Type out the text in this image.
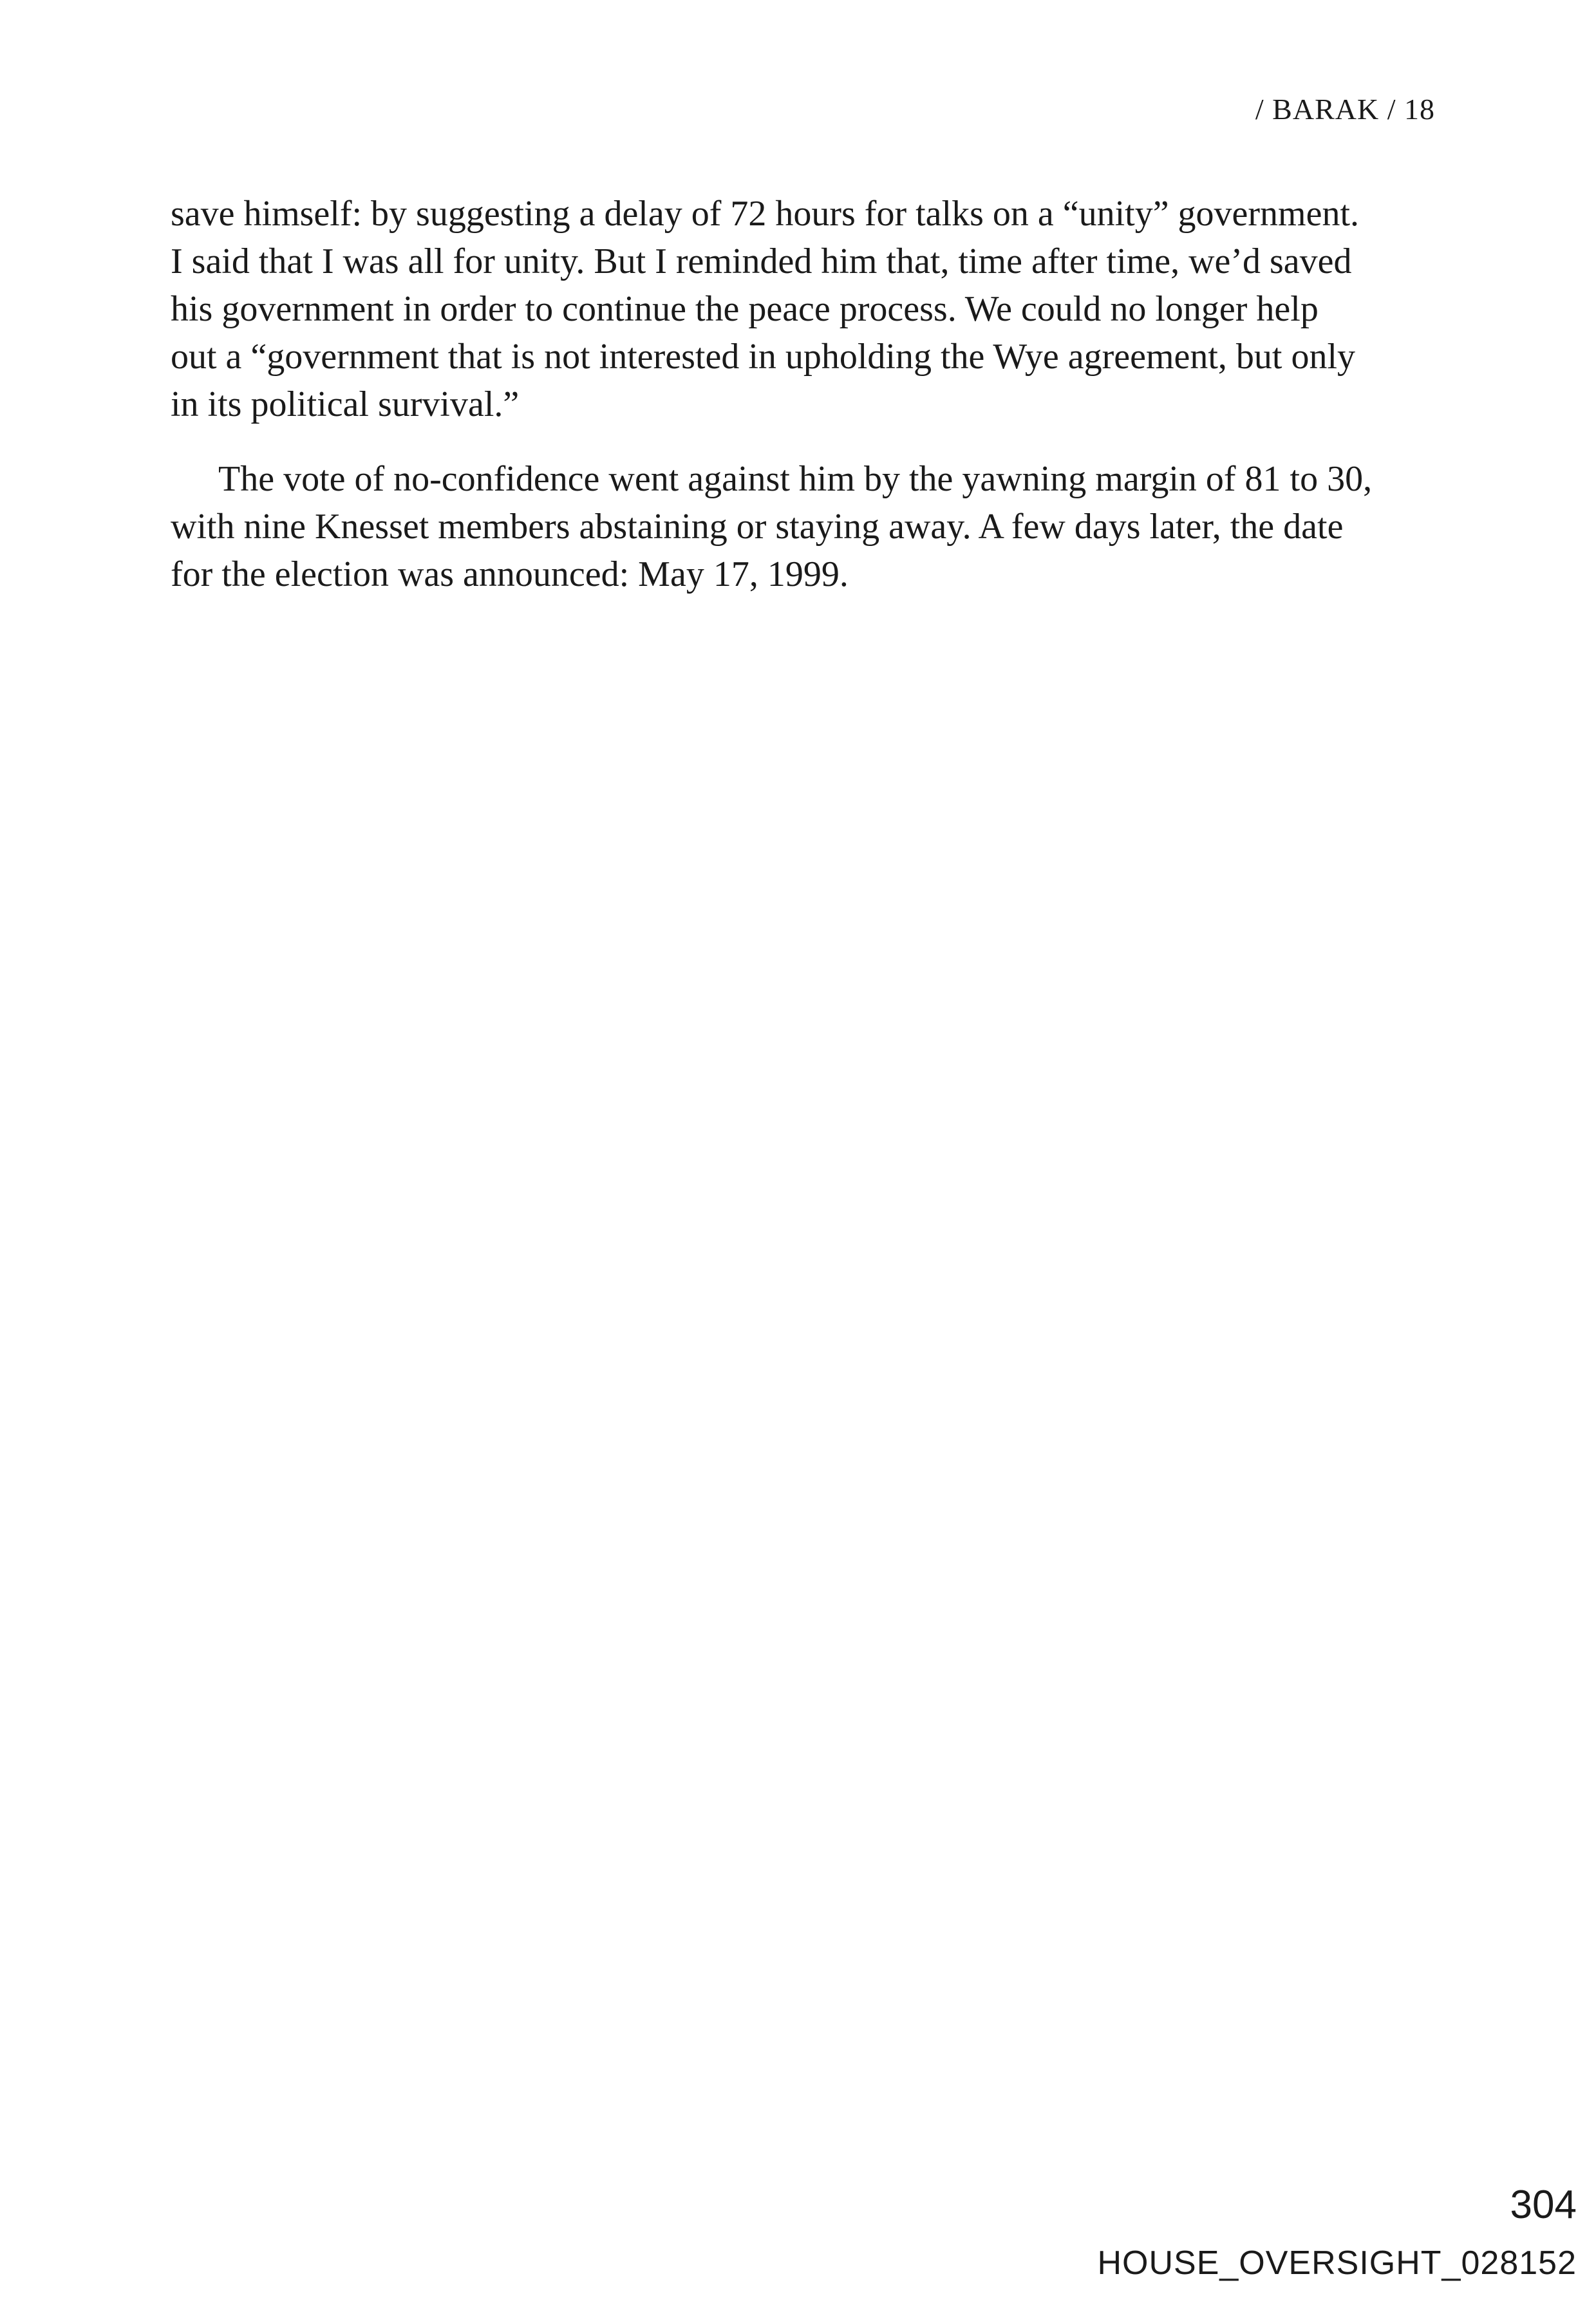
/ BARAK / 18

save himself: by suggesting a delay of 72 hours for talks on a “unity” government.

I said that I was all for unity. But I reminded him that, time after time, we’d saved

his government in order to continue the peace process. We could no longer help

out a “government that is not interested in upholding the Wye agreement, but only

in its political survival.”

The vote of no-confidence went against him by the yawning margin of 81 to 30,

with nine Knesset members abstaining or staying away. A few days later, the date

for the election was announced: May 17, 1999.

304
HOUSE_OVERSIGHT_028152
